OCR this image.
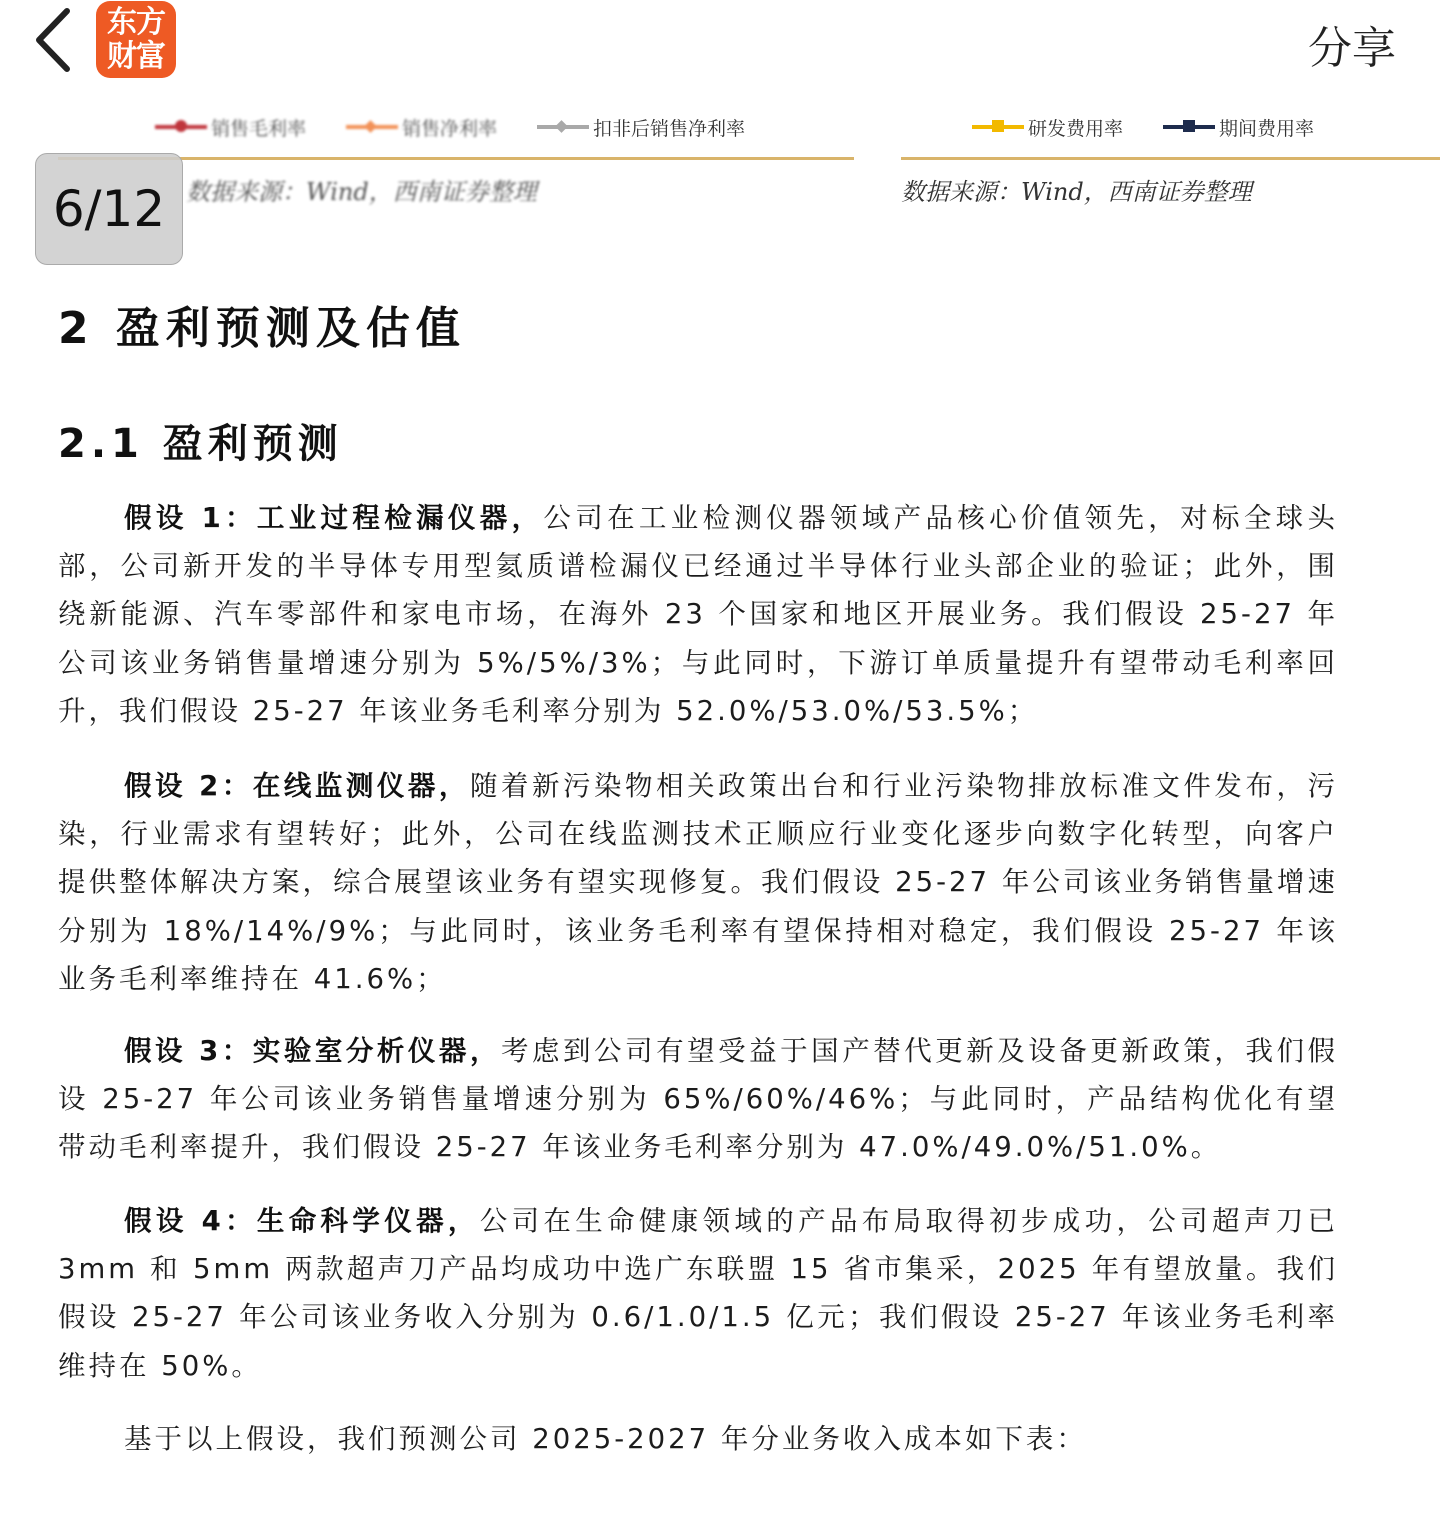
东方
财富	分享
销售毛利率	销售净利率	扣非后销售净利率	研发费用率	期间费用率
数据来源：Wind，西南证券整理	数据来源：Wind，西南证券整理
6/12
2 盈利预测及估值
2.1 盈利预测
假设 1：工业过程检漏仪器，公司在工业检测仪器领域产品核心价值领先，对标全球头部，公司新开发的半导体专用型氦质谱检漏仪已经通过半导体行业头部企业的验证；此外，围绕新能源、汽车零部件和家电市场，在海外 23 个国家和地区开展业务。我们假设 25-27 年公司该业务销售量增速分别为 5%/5%/3%；与此同时，下游订单质量提升有望带动毛利率回升，我们假设 25-27 年该业务毛利率分别为 52.0%/53.0%/53.5%；
假设 2：在线监测仪器，随着新污染物相关政策出台和行业污染物排放标准文件发布，污染，行业需求有望转好；此外，公司在线监测技术正顺应行业变化逐步向数字化转型，向客户提供整体解决方案，综合展望该业务有望实现修复。我们假设 25-27 年公司该业务销售量增速分别为 18%/14%/9%；与此同时，该业务毛利率有望保持相对稳定，我们假设 25-27 年该业务毛利率维持在 41.6%；
假设 3：实验室分析仪器，考虑到公司有望受益于国产替代更新及设备更新政策，我们假设 25-27 年公司该业务销售量增速分别为 65%/60%/46%；与此同时，产品结构优化有望带动毛利率提升，我们假设 25-27 年该业务毛利率分别为 47.0%/49.0%/51.0%。
假设 4：生命科学仪器，公司在生命健康领域的产品布局取得初步成功，公司超声刀已 3mm 和 5mm 两款超声刀产品均成功中选广东联盟 15 省市集采，2025 年有望放量。我们假设 25-27 年公司该业务收入分别为 0.6/1.0/1.5 亿元；我们假设 25-27 年该业务毛利率维持在 50%。
基于以上假设，我们预测公司 2025-2027 年分业务收入成本如下表：
